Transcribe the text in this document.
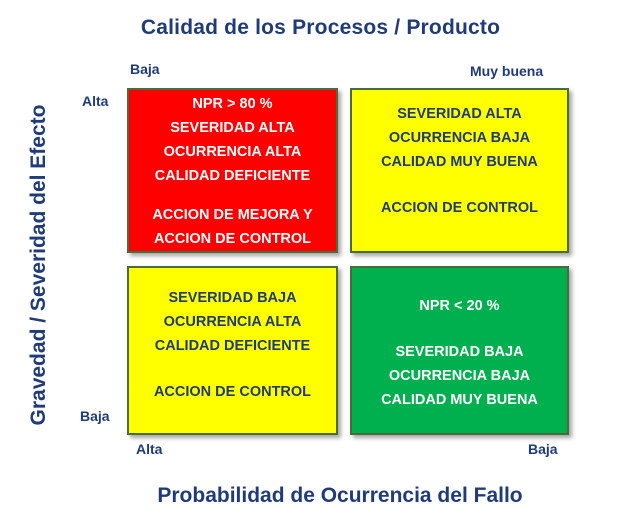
Calidad de los Procesos / Producto
Baja	Muy buena
Gravedad / Severidad del Efecto
Alta
Baja
NPR > 80 %
SEVERIDAD ALTA
OCURRENCIA ALTA
CALIDAD DEFICIENTE
ACCION DE MEJORA Y
ACCION DE CONTROL
SEVERIDAD ALTA
OCURRENCIA BAJA
CALIDAD MUY BUENA
ACCION DE CONTROL
SEVERIDAD BAJA
OCURRENCIA ALTA
CALIDAD DEFICIENTE
ACCION DE CONTROL
NPR < 20 %
SEVERIDAD BAJA
OCURRENCIA BAJA
CALIDAD MUY BUENA
Alta	Baja
Probabilidad de Ocurrencia del Fallo
